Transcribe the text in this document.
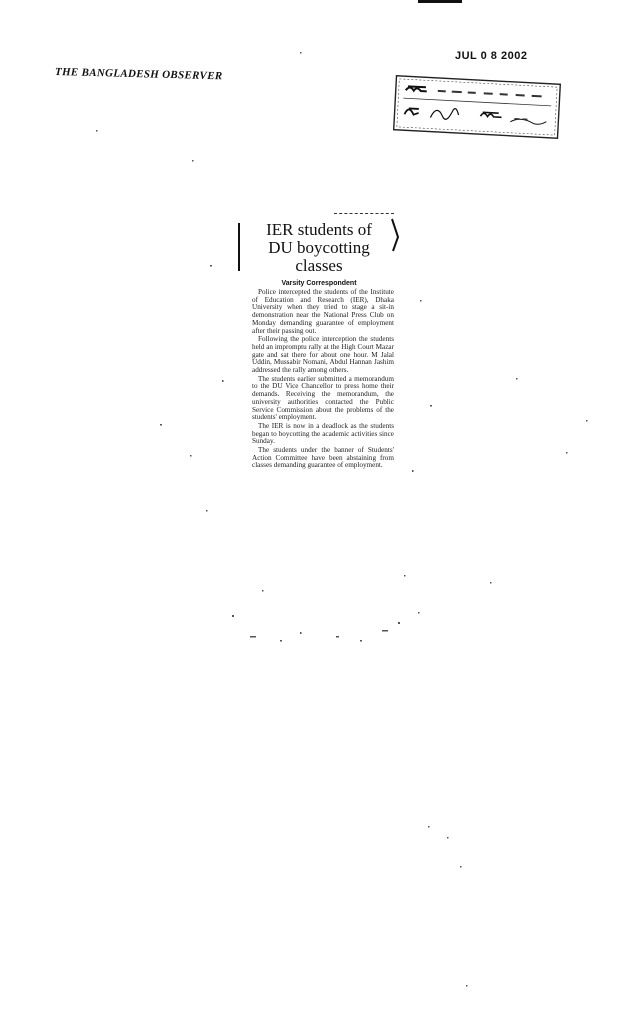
JUL 0 8 2002
THE BANGLADESH OBSERVER
IER students of
DU boycotting
classes
Varsity Correspondent

Police intercepted the students of the Institute of Education and Research (IER), Dhaka University when they tried to stage a sit-in demonstration near the National Press Club on Monday demanding guarantee of employment after their passing out.

Following the police interception the students held an impromptu rally at the High Court Mazar gate and sat there for about one hour. M Jalal Uddin, Mussabir Nomani, Abdul Hannan Jashim addressed the rally among others.

The students earlier submitted a memorandum to the DU Vice Chancellor to press home their demands. Receiving the memorandum, the university authorities contacted the Public Service Commission about the problems of the students' employment.

The IER is now in a deadlock as the students began to boycotting the academic activities since Sunday.

The students under the banner of Students' Action Committee have been abstaining from classes demanding guarantee of employment.
